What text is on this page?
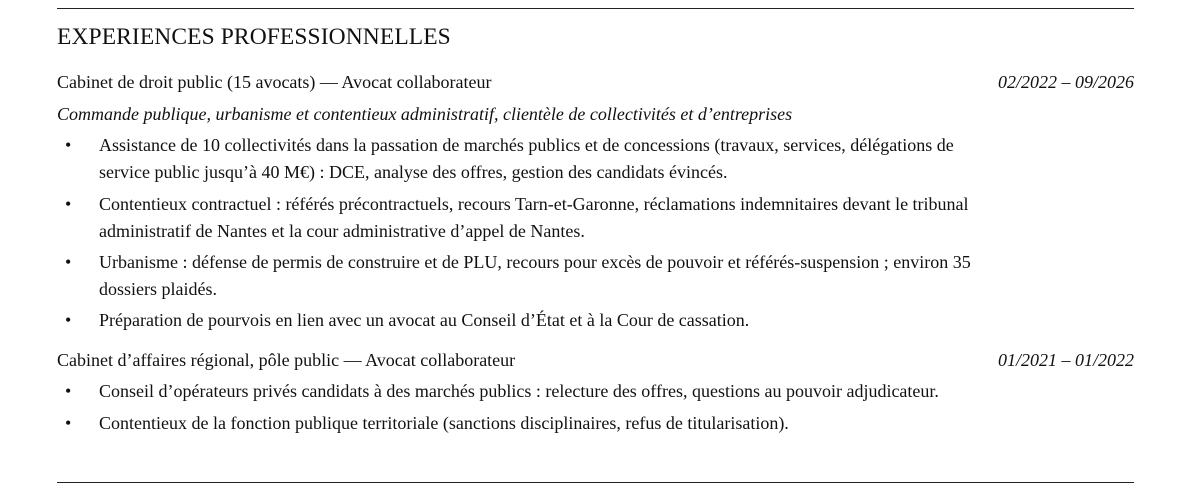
EXPERIENCES PROFESSIONNELLES
Cabinet de droit public (15 avocats) — Avocat collaborateur	02/2022 – 09/2026
Commande publique, urbanisme et contentieux administratif, clientèle de collectivités et d’entreprises
• Assistance de 10 collectivités dans la passation de marchés publics et de concessions (travaux, services, délégations de service public jusqu’à 40 M€) : DCE, analyse des offres, gestion des candidats évincés.
• Contentieux contractuel : référés précontractuels, recours Tarn-et-Garonne, réclamations indemnitaires devant le tribunal administratif de Nantes et la cour administrative d’appel de Nantes.
• Urbanisme : défense de permis de construire et de PLU, recours pour excès de pouvoir et référés-suspension ; environ 35 dossiers plaidés.
• Préparation de pourvois en lien avec un avocat au Conseil d’État et à la Cour de cassation.
Cabinet d’affaires régional, pôle public — Avocat collaborateur	01/2021 – 01/2022
• Conseil d’opérateurs privés candidats à des marchés publics : relecture des offres, questions au pouvoir adjudicateur.
• Contentieux de la fonction publique territoriale (sanctions disciplinaires, refus de titularisation).
